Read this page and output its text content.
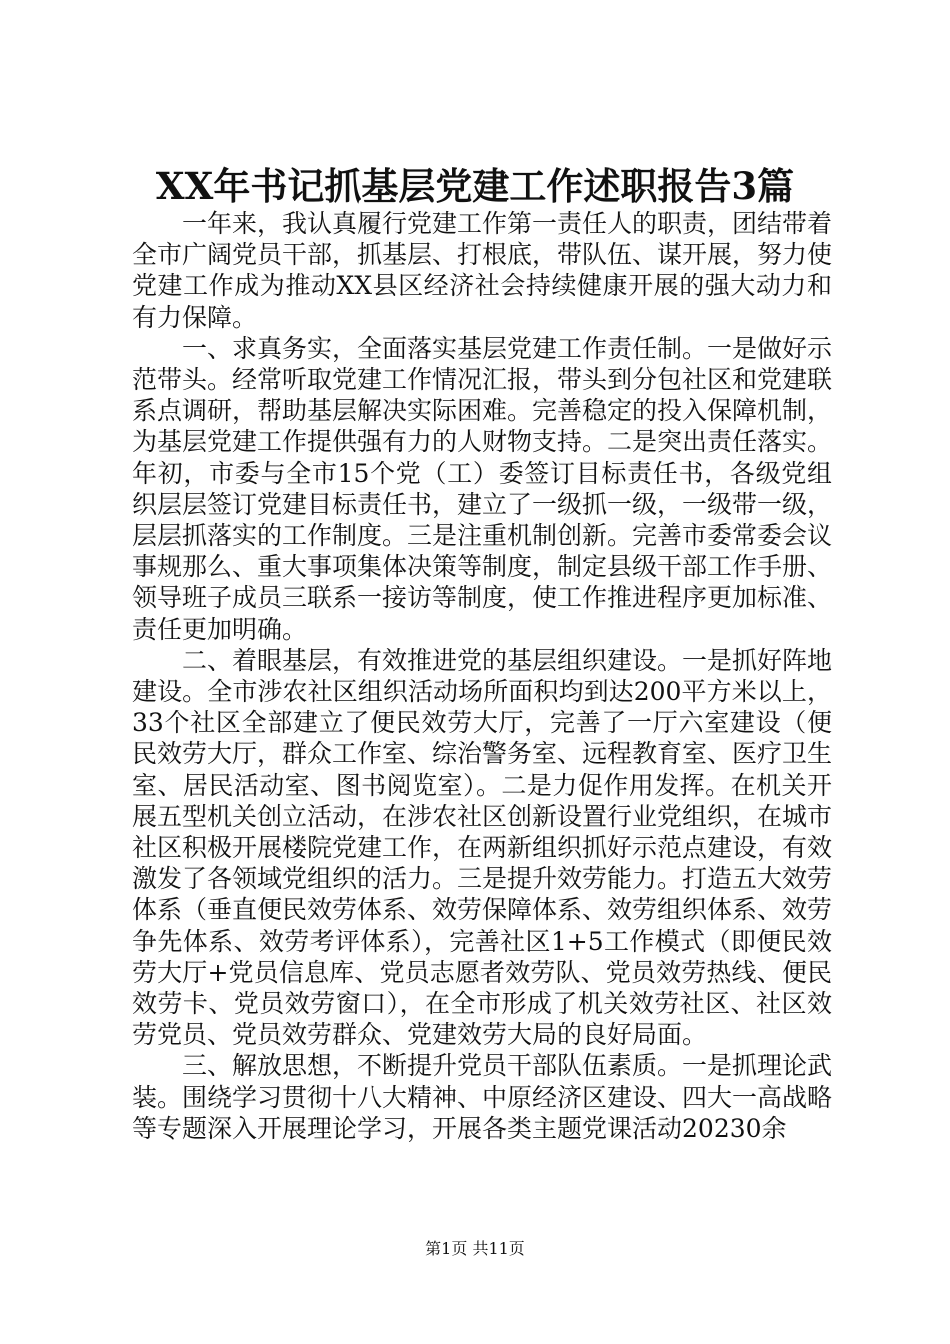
XX年书记抓基层党建工作述职报告3篇

一年来，我认真履行党建工作第一责任人的职责，团结带着全市广阔党员干部，抓基层、打根底，带队伍、谋开展，努力使党建工作成为推动XX县区经济社会持续健康开展的强大动力和有力保障。

一、求真务实，全面落实基层党建工作责任制。一是做好示范带头。经常听取党建工作情况汇报，带头到分包社区和党建联系点调研，帮助基层解决实际困难。完善稳定的投入保障机制，为基层党建工作提供强有力的人财物支持。二是突出责任落实。年初，市委与全市15个党（工）委签订目标责任书，各级党组织层层签订党建目标责任书，建立了一级抓一级，一级带一级，层层抓落实的工作制度。三是注重机制创新。完善市委常委会议事规那么、重大事项集体决策等制度，制定县级干部工作手册、领导班子成员三联系一接访等制度，使工作推进程序更加标准、责任更加明确。

二、着眼基层，有效推进党的基层组织建设。一是抓好阵地建设。全市涉农社区组织活动场所面积均到达200平方米以上，33个社区全部建立了便民效劳大厅，完善了一厅六室建设（便民效劳大厅，群众工作室、综治警务室、远程教育室、医疗卫生室、居民活动室、图书阅览室）。二是力促作用发挥。在机关开展五型机关创立活动，在涉农社区创新设置行业党组织，在城市社区积极开展楼院党建工作，在两新组织抓好示范点建设，有效激发了各领域党组织的活力。三是提升效劳能力。打造五大效劳体系（垂直便民效劳体系、效劳保障体系、效劳组织体系、效劳争先体系、效劳考评体系），完善社区1+5工作模式（即便民效劳大厅+党员信息库、党员志愿者效劳队、党员效劳热线、便民效劳卡、党员效劳窗口），在全市形成了机关效劳社区、社区效劳党员、党员效劳群众、党建效劳大局的良好局面。

三、解放思想，不断提升党员干部队伍素质。一是抓理论武装。围绕学习贯彻十八大精神、中原经济区建设、四大一高战略等专题深入开展理论学习，开展各类主题党课活动20230余

第1页 共11页
